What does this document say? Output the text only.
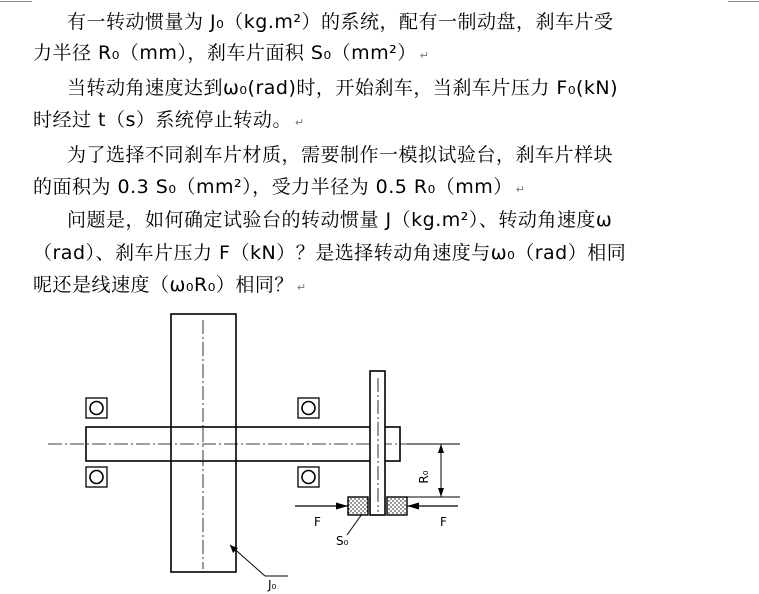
有一转动惯量为 J₀（kg.m²）的系统，配有一制动盘，刹车片受
力半径 R₀（mm），刹车片面积 S₀（mm²） ↵
当转动角速度达到ω₀(rad)时，开始刹车，当刹车片压力 F₀(kN)
时经过 t（s）系统停止转动。 ↵
为了选择不同刹车片材质，需要制作一模拟试验台，刹车片样块
的面积为 0.3 S₀（mm²），受力半径为 0.5 R₀（mm） ↵
问题是，如何确定试验台的转动惯量 J（kg.m²）、转动角速度ω
（rad）、刹车片压力 F（kN）？是选择转动角速度与ω₀（rad）相同
呢还是线速度（ω₀R₀）相同？ ↵
R₀
S₀
J₀
F	F
